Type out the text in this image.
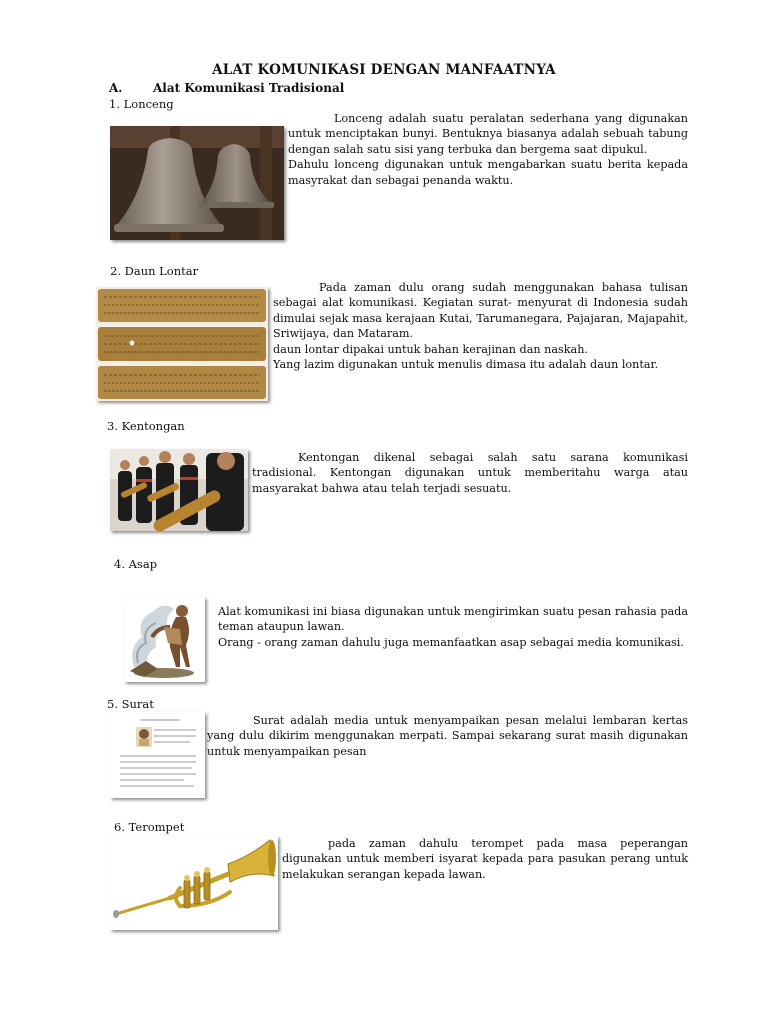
ALAT KOMUNIKASI DENGAN MANFAATNYA
A.	Alat Komunikasi Tradisional
1. Lonceng

Lonceng adalah suatu peralatan sederhana yang digunakan untuk menciptakan bunyi. Bentuknya biasanya adalah sebuah tabung dengan salah satu sisi yang terbuka dan bergema saat dipukul.

Dahulu lonceng digunakan untuk mengabarkan suatu berita kepada masyrakat dan sebagai penanda waktu.

2. Daun Lontar

Pada zaman dulu orang sudah menggunakan bahasa tulisan sebagai alat komunikasi. Kegiatan surat- menyurat di Indonesia sudah dimulai sejak masa kerajaan Kutai, Tarumanegara, Pajajaran, Majapahit, Sriwijaya, dan Mataram.

daun lontar dipakai untuk bahan kerajinan dan naskah.

Yang lazim digunakan untuk menulis dimasa itu adalah daun lontar.

3. Kentongan

Kentongan dikenal sebagai salah satu sarana komunikasi tradisional. Kentongan digunakan untuk memberitahu warga atau masyarakat bahwa atau telah terjadi sesuatu.

4. Asap

Alat komunikasi ini biasa digunakan untuk mengirimkan suatu pesan rahasia pada teman ataupun lawan.

Orang - orang zaman dahulu juga memanfaatkan asap sebagai media komunikasi.

5. Surat

Surat adalah media untuk menyampaikan pesan melalui lembaran kertas yang dulu dikirim menggunakan merpati. Sampai sekarang surat masih digunakan untuk menyampaikan pesan

6. Terompet

pada zaman dahulu terompet pada masa peperangan digunakan untuk memberi isyarat kepada para pasukan perang untuk melakukan serangan kepada lawan.
